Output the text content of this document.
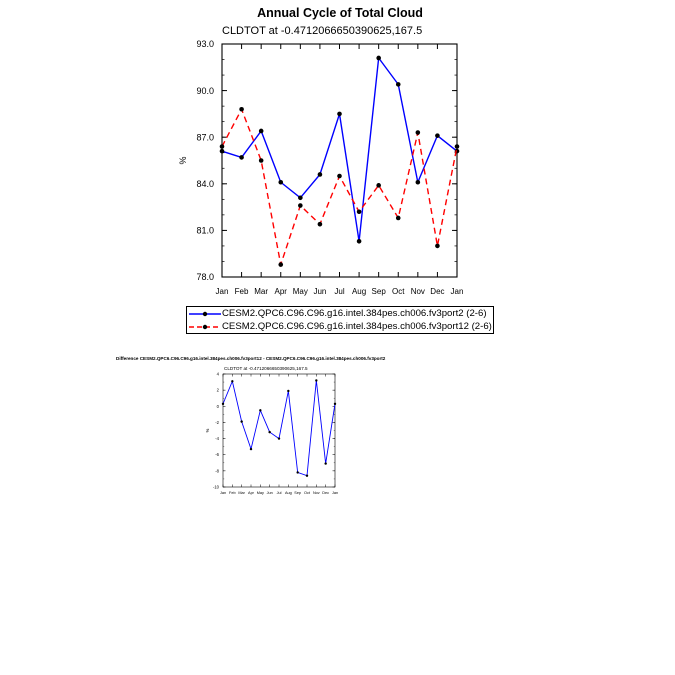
Annual Cycle of Total Cloud
CLDTOT at -0.4712066650390625,167.5
78.0
81.0
84.0
87.0
90.0
93.0
Jan Feb Mar Apr May Jun Jul Aug Sep Oct Nov Dec Jan
%
CESM2.QPC6.C96.C96.g16.intel.384pes.ch006.fv3port2 (2-6)
CESM2.QPC6.C96.C96.g16.intel.384pes.ch006.fv3port12 (2-6)
Difference CESM2.QPC6.C96.C96.g16.intel.384pes.ch006.fv3port12 - CESM2.QPC6.C96.C96.g16.intel.384pes.ch006.fv3port2
CLDTOT at -0.4712066650390625,167.5
-10
-8
-6
-4
-2
0
2
4
Jan Feb Mar Apr May Jun Jul Aug Sep Oct Nov Dec Jan
%
